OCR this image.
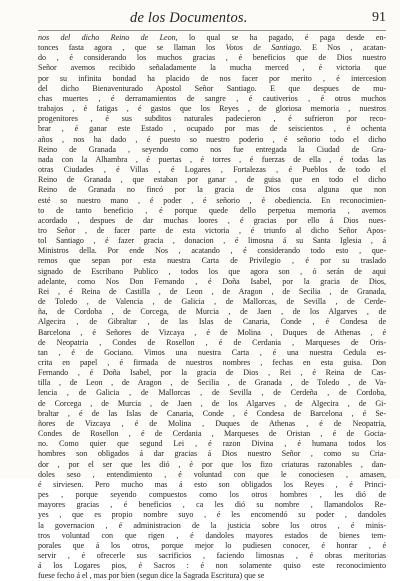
de los Documentos.	91

nos del dicho Reino de Leon, lo qual se ha pagado, é paga desde en-
tonces fasta agora , que se llaman los Votos de Santiago. E Nos , acatan-
do , é considerando los muchos gracias , é beneficios que de Dios nuestro
Señor avemos recibido señaladamente la mucha merced , é victoria que
por su infinita bondad ha placido de nos facer por merito , é intercesion
del dicho Bienaventurado Apostol Señor Santiago. E que despues de mu-
chas muertes , é derramamientos de sangre , é cautiverios , é otros muchos
trabajos , é fatigas , é gastos que los Reyes , de gloriosa memoria , nuestros
progenitores , é sus subditos naturales padecieron , é sufrieron por reco-
brar , é ganar este Estado , ocupado por mas de seiscientos , é ochenta
años , nos ha dado , é puesto so nuestro poderio , é señorio todo el dicho
Reino de Granada , seyendo como nos fue entregada la Ciudad de Gra-
nada con la Alhambra , é puertas , é torres , é fuerzas de ella , é todas las
otras Ciudades , é Villas , é Logares , Fortalezas , é Pueblos de todo el
Reino de Granada , que estaban por ganar , de guisa que en todo el dicho
Reino de Granada no fincó por la gracia de Dios cosa alguna que non
esté so nuestro mano , é poder , é señorio , é obediencia. En reconocimien-
to de tanto beneficio , é porque quede dello perpetua memoria , avemos
acordado , despues de dar muchas loores , é gracias por ello á Dios nues-
tro Señor , de facer parte de esta victoria , é triunfo al dicho Señor Apos-
tol Santiago , é fazer gracia , donacion , é limosna á su Santa Iglesia , á
Ministros della. Por ende Nos , acatando , é considerando todo esto , que-
remos que sepan por esta nuestra Carta de Privilegio , é por su traslado
signado de Escribano Publico , todos los que agora son , ó serán de aqui
adelante, como Nos Don Fernando , é Doña Isabel, por la gracia de Dios,
Rei , é Reina de Castilla , de Leon , de Aragon , de Secilia , de Granada,
de Toledo , de Valencia , de Galicia , de Mallorcas, de Sevilla , de Cerde-
ña, de Cordoba , de Corcega, de Murcia , de Jaen , de los Algarves , de
Algecira , de Gibraltar , de las Islas de Canaria, Conde , é Condesa de
Barcelona , é Señores de Vizcaya , é de Molina , Duques de Athenas , é
de Neopatria , Condes de Rosellon , é de Cerdania , Marqueses de Oris-
tan , é de Gociano. Vimos una nuestra Carta , é una nuestra Cedula es-
crita en papel , é firmada de nuestros nombres , fechas en esta guisa. Don
Fernando , é Doña Isabel, por la gracia de Dios , Rei , é Reina de Cas-
tilla , de Leon , de Aragon , de Secilia , de Granada , de Toledo , de Va-
lencia , de Galicia , de Mallorcas , de Sevilla , de Cerdeña , de Cordoba,
de Corcega , de Murcia , de Jaen , de los Algarves , de Algecira , de Gi-
braltar , é de las Islas de Canaria, Conde , é Condesa de Barcelona , é Se-
ñores de Vizcaya , é de Molina , Duques de Athenas , é de Neopatria,
Condes de Rosellon , é de Cerdania , Marqueses de Oristan , é de Gocia-
no. Como quier que segund Lei , é razon Divina , é humana todos los
hombres son obligados á dar gracias á Dios nuestro Señor , como su Cria-
dor , por el ser que les dió , é por que los fizo criaturas razonables , dan-
doles seso , entendimiento , é voluntad con que le conociesen , amasen,
é sirviesen. Pero mucho mas á esto son obligados los Reyes , é Princi-
pes , porque seyendo compuestos como los otros hombres , les dió de
mayores gracias , é beneficios , ca les dió su nombre , llamandolos Re-
yes , que es propio nombre suyo , é les encomendó su poder , dandoles
la governacion , é administracion de la justicia sobre los otros , é minis-
tros voluntad con que rigen , é dandoles mayores estados de bienes tem-
porales que á los otros, porque mejor lo pudiesen conocer, é honrar , é
servir , é ofrecerle sus sacrificios , faciendo limosnas , é obras meritorias
á los Logares pios, é Sacros : é non solamente quiso este reconocimiento
fuese fecho á el , mas por bien (segun dice la Sagrada Escritura) que se
